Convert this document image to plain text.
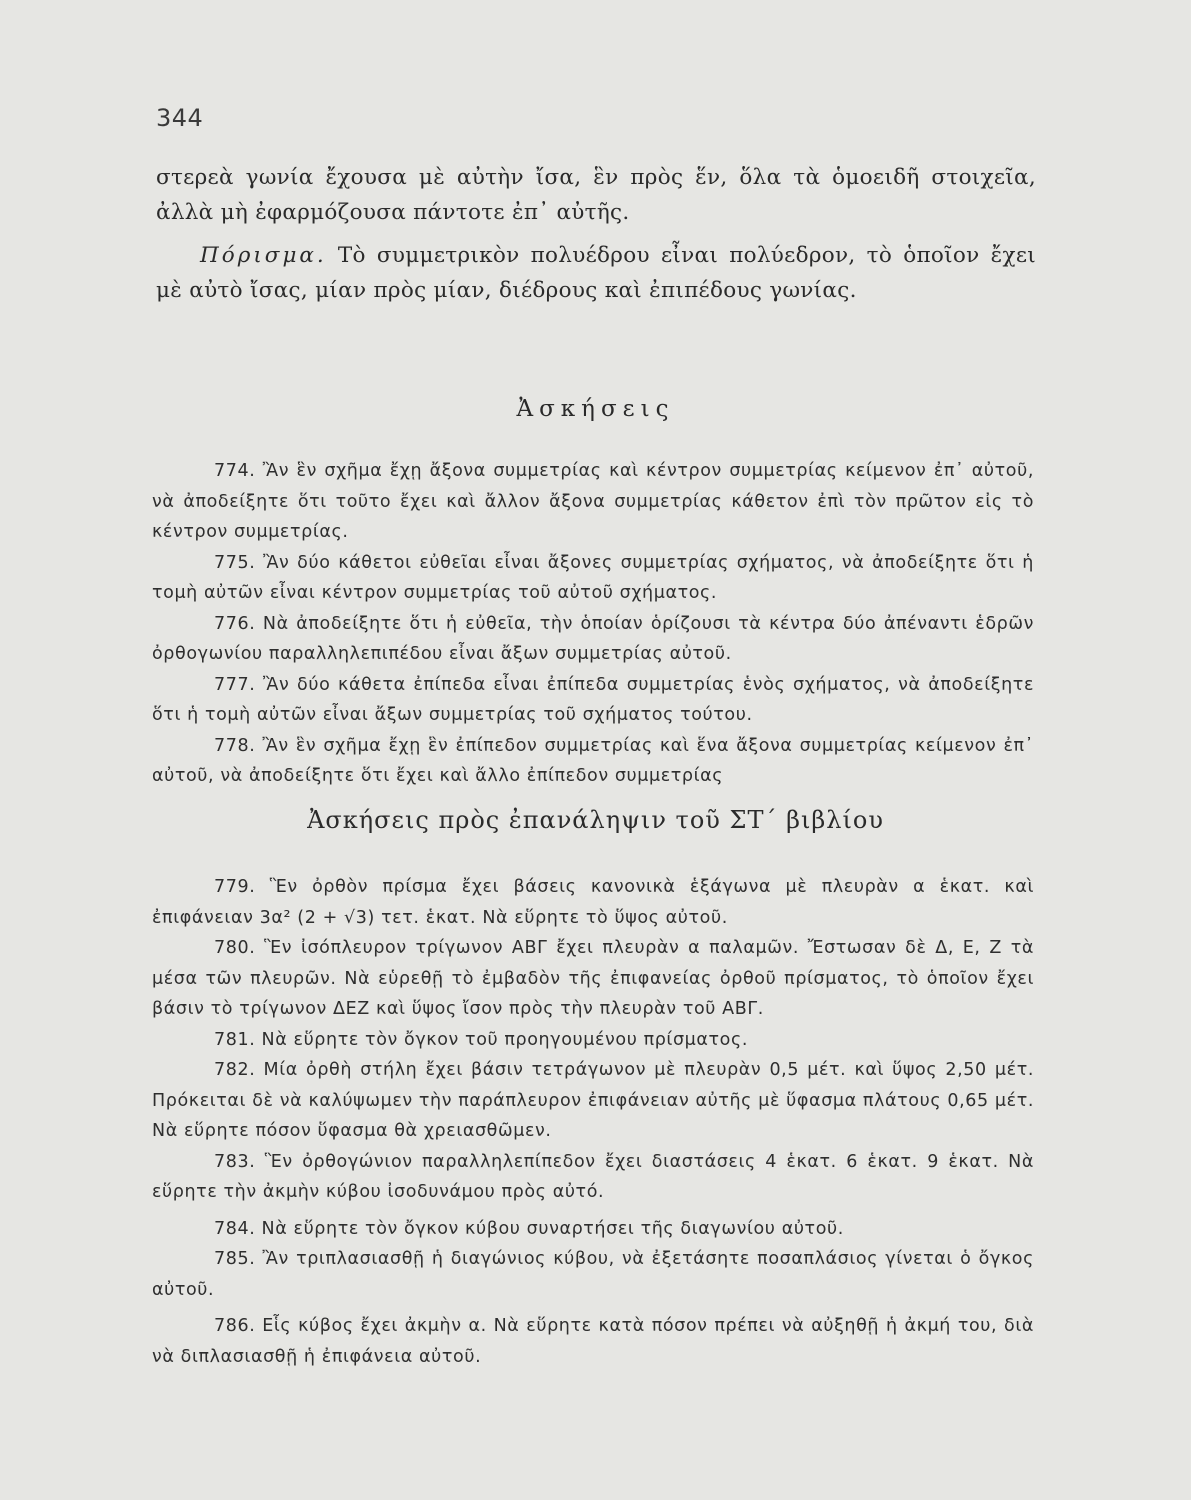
344

στερεὰ γωνία ἔχουσα μὲ αὐτὴν ἴσα, ἓν πρὸς ἕν, ὅλα τὰ ὁμοειδῆ στοιχεῖα, ἀλλὰ μὴ ἐφαρμόζουσα πάντοτε ἐπ᾽ αὐτῆς.

Πόρισμα. Τὸ συμμετρικὸν πολυέδρου εἶναι πολύεδρον, τὸ ὁποῖον ἔχει μὲ αὐτὸ ἴσας, μίαν πρὸς μίαν, διέδρους καὶ ἐπιπέδους γωνίας.

Ἀσκήσεις

774. Ἂν ἓν σχῆμα ἔχῃ ἄξονα συμμετρίας καὶ κέντρον συμμετρίας κείμενον ἐπ᾽ αὐτοῦ, νὰ ἀποδείξητε ὅτι τοῦτο ἔχει καὶ ἄλλον ἄξονα συμμετρίας κάθετον ἐπὶ τὸν πρῶτον εἰς τὸ κέντρον συμμετρίας.

775. Ἂν δύο κάθετοι εὐθεῖαι εἶναι ἄξονες συμμετρίας σχήματος, νὰ ἀποδείξητε ὅτι ἡ τομὴ αὐτῶν εἶναι κέντρον συμμετρίας τοῦ αὐτοῦ σχήματος.

776. Νὰ ἀποδείξητε ὅτι ἡ εὐθεῖα, τὴν ὁποίαν ὁρίζουσι τὰ κέντρα δύο ἀπέναντι ἑδρῶν ὀρθογωνίου παραλληλεπιπέδου εἶναι ἄξων συμμετρίας αὐτοῦ.

777. Ἂν δύο κάθετα ἐπίπεδα εἶναι ἐπίπεδα συμμετρίας ἑνὸς σχήματος, νὰ ἀποδείξητε ὅτι ἡ τομὴ αὐτῶν εἶναι ἄξων συμμετρίας τοῦ σχήματος τούτου.

778. Ἂν ἓν σχῆμα ἔχῃ ἓν ἐπίπεδον συμμετρίας καὶ ἕνα ἄξονα συμμετρίας κείμενον ἐπ᾽ αὐτοῦ, νὰ ἀποδείξητε ὅτι ἔχει καὶ ἄλλο ἐπίπεδον συμμετρίας

Ἀσκήσεις πρὸς ἐπανάληψιν τοῦ ΣΤ΄ βιβλίου

779. Ἓν ὀρθὸν πρίσμα ἔχει βάσεις κανονικὰ ἑξάγωνα μὲ πλευρὰν α ἑκατ. καὶ ἐπιφάνειαν 3α² (2 + √3) τετ. ἑκατ. Νὰ εὕρητε τὸ ὕψος αὐτοῦ.

780. Ἓν ἰσόπλευρον τρίγωνον ΑΒΓ ἔχει πλευρὰν α παλαμῶν. Ἔστωσαν δὲ Δ, Ε, Ζ τὰ μέσα τῶν πλευρῶν. Νὰ εὑρεθῇ τὸ ἐμβαδὸν τῆς ἐπιφανείας ὀρθοῦ πρίσματος, τὸ ὁποῖον ἔχει βάσιν τὸ τρίγωνον ΔΕΖ καὶ ὕψος ἴσον πρὸς τὴν πλευρὰν τοῦ ΑΒΓ.

781. Νὰ εὕρητε τὸν ὄγκον τοῦ προηγουμένου πρίσματος.

782. Μία ὀρθὴ στήλη ἔχει βάσιν τετράγωνον μὲ πλευρὰν 0,5 μέτ. καὶ ὕψος 2,50 μέτ. Πρόκειται δὲ νὰ καλύψωμεν τὴν παράπλευρον ἐπιφάνειαν αὐτῆς μὲ ὕφασμα πλάτους 0,65 μέτ. Νὰ εὕρητε πόσον ὕφασμα θὰ χρειασθῶμεν.

783. Ἓν ὀρθογώνιον παραλληλεπίπεδον ἔχει διαστάσεις 4 ἑκατ. 6 ἑκατ. 9 ἑκατ. Νὰ εὕρητε τὴν ἀκμὴν κύβου ἰσοδυνάμου πρὸς αὐτό.

784. Νὰ εὕρητε τὸν ὄγκον κύβου συναρτήσει τῆς διαγωνίου αὐτοῦ.

785. Ἂν τριπλασιασθῇ ἡ διαγώνιος κύβου, νὰ ἐξετάσητε ποσαπλάσιος γίνεται ὁ ὄγκος αὐτοῦ.

786. Εἷς κύβος ἔχει ἀκμὴν α. Νὰ εὕρητε κατὰ πόσον πρέπει νὰ αὐξηθῇ ἡ ἀκμή του, διὰ νὰ διπλασιασθῇ ἡ ἐπιφάνεια αὐτοῦ.
